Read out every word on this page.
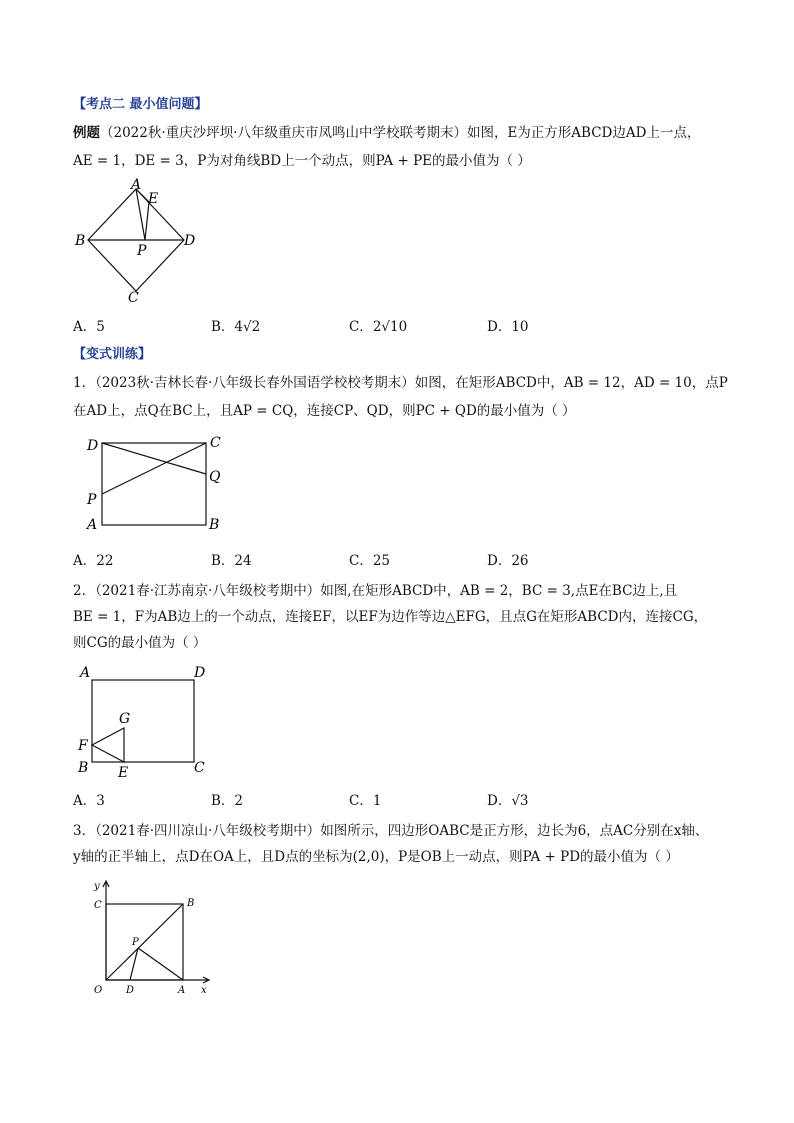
【考点二 最小值问题】
例题（2022秋·重庆沙坪坝·八年级重庆市凤鸣山中学校联考期末）如图，E为正方形ABCD边AD上一点，
AE = 1，DE = 3，P为对角线BD上一个动点，则PA + PE的最小值为（ ）
A
E
B
P
D
C
A．5	B．4√2	C．2√10	D．10
【变式训练】
1．（2023秋·吉林长春·八年级长春外国语学校校考期末）如图，在矩形ABCD中，AB = 12，AD = 10，点P
在AD上，点Q在BC上，且AP = CQ，连接CP、QD，则PC + QD的最小值为（ ）
D	C
Q
P
A	B
A．22	B．24	C．25	D．26
2．（2021春·江苏南京·八年级校考期中）如图,在矩形ABCD中，AB = 2，BC = 3,点E在BC边上,且
BE = 1，F为AB边上的一个动点，连接EF，以EF为边作等边△EFG，且点G在矩形ABCD内，连接CG，
则CG的最小值为（ ）
A	D
G
F
B E	C
A．3	B．2	C．1	D．√3
3．（2021春·四川凉山·八年级校考期中）如图所示，四边形OABC是正方形，边长为6，点AC分别在x轴、
y轴的正半轴上，点D在OA上，且D点的坐标为(2,0)，P是OB上一动点，则PA + PD的最小值为（ ）
y
C	B
P
O D	A x
